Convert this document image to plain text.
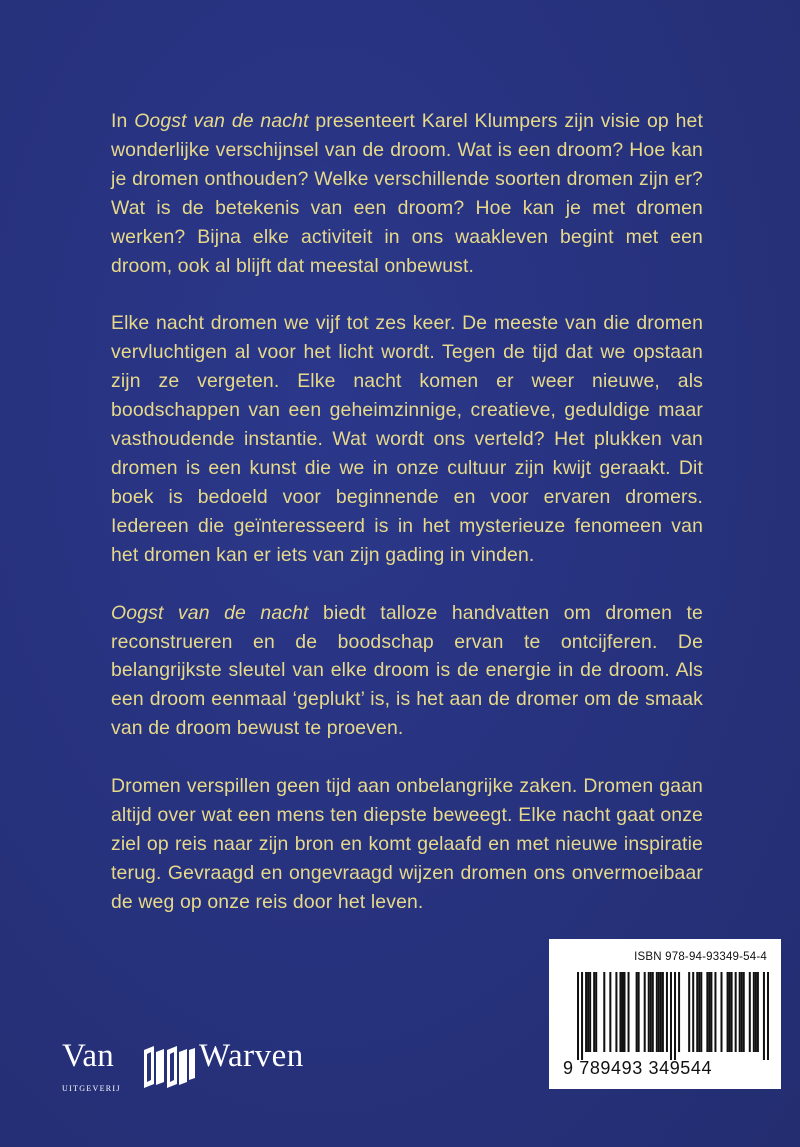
In Oogst van de nacht presenteert Karel Klumpers zijn visie op het wonderlijke verschijnsel van de droom. Wat is een droom? Hoe kan je dromen onthouden? Welke verschillende soorten dromen zijn er? Wat is de betekenis van een droom? Hoe kan je met dromen werken? Bijna elke activiteit in ons waakleven begint met een droom, ook al blijft dat meestal onbewust.

Elke nacht dromen we vijf tot zes keer. De meeste van die dromen vervluchtigen al voor het licht wordt. Tegen de tijd dat we opstaan zijn ze vergeten. Elke nacht komen er weer nieuwe, als boodschappen van een geheimzinnige, creatieve, geduldige maar vasthoudende instantie. Wat wordt ons verteld? Het plukken van dromen is een kunst die we in onze cultuur zijn kwijt geraakt. Dit boek is bedoeld voor beginnende en voor ervaren dromers. Iedereen die geïnteresseerd is in het mysterieuze fenomeen van het dromen kan er iets van zijn gading in vinden.

Oogst van de nacht biedt talloze handvatten om dromen te reconstrueren en de boodschap ervan te ontcijferen. De belangrijkste sleutel van elke droom is de energie in de droom. Als een droom eenmaal ‘geplukt’ is, is het aan de dromer om de smaak van de droom bewust te proeven.

Dromen verspillen geen tijd aan onbelangrijke zaken. Dromen gaan altijd over wat een mens ten diepste beweegt. Elke nacht gaat onze ziel op reis naar zijn bron en komt gelaafd en met nieuwe inspiratie terug. Gevraagd en ongevraagd wijzen dromen ons onvermoeibaar de weg op onze reis door het leven.

Van	Warven
UITGEVERIJ
ISBN 978-94-93349-54-4
9 789493 349544
